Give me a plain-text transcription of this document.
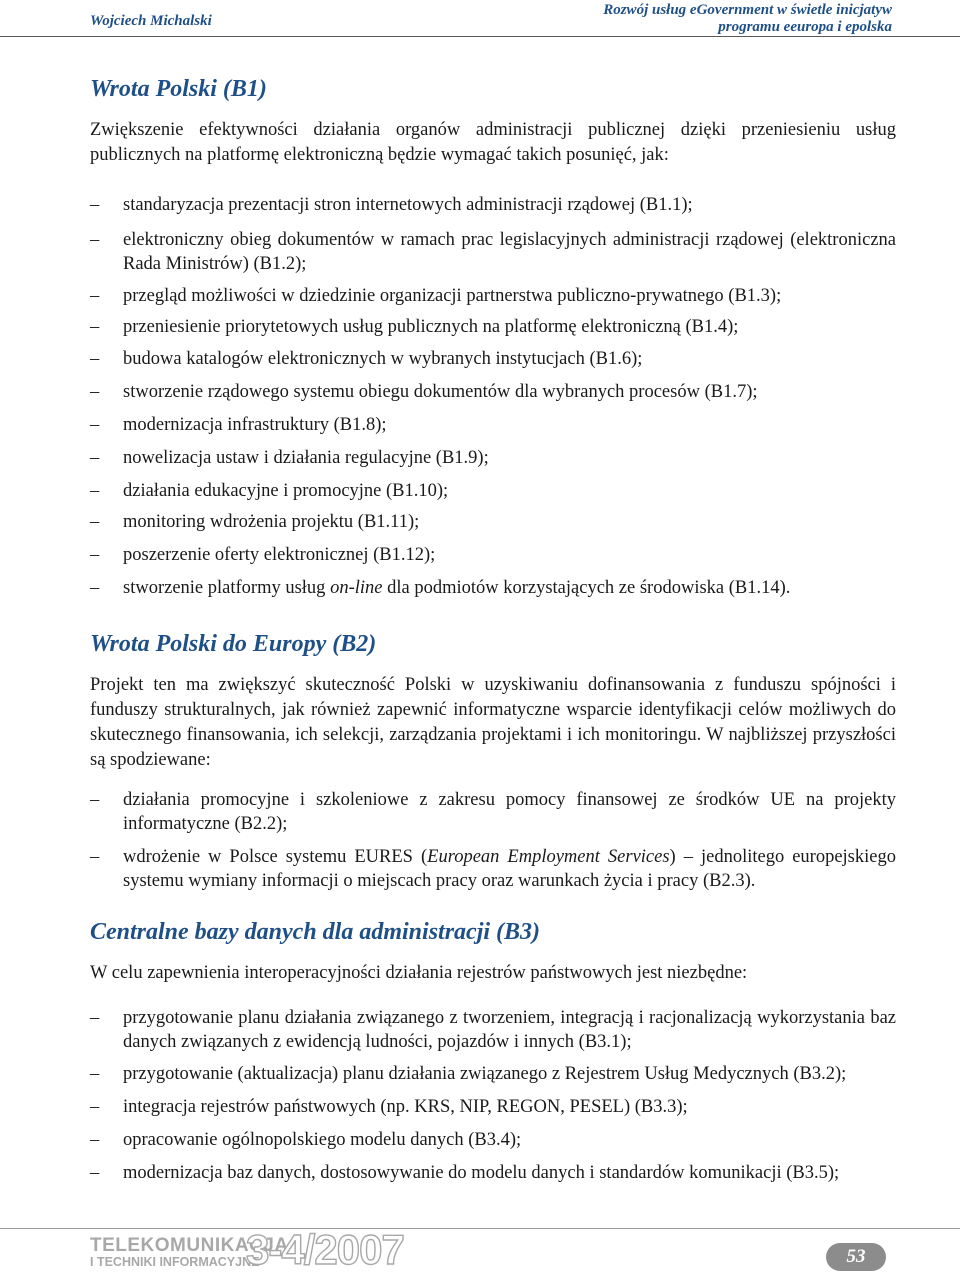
Wojciech Michalski
Rozwój usług eGovernment w świetle inicjatyw
programu eeuropa i epolska
Wrota Polski (B1)

Zwiększenie efektywności działania organów administracji publicznej dzięki przeniesieniu usług publicznych na platformę elektroniczną będzie wymagać takich posunięć, jak:

– standaryzacja prezentacji stron internetowych administracji rządowej (B1.1);
– elektroniczny obieg dokumentów w ramach prac legislacyjnych administracji rządowej (elektroniczna Rada Ministrów) (B1.2);
– przegląd możliwości w dziedzinie organizacji partnerstwa publiczno-prywatnego (B1.3);
– przeniesienie priorytetowych usług publicznych na platformę elektroniczną (B1.4);
– budowa katalogów elektronicznych w wybranych instytucjach (B1.6);
– stworzenie rządowego systemu obiegu dokumentów dla wybranych procesów (B1.7);
– modernizacja infrastruktury (B1.8);
– nowelizacja ustaw i działania regulacyjne (B1.9);
– działania edukacyjne i promocyjne (B1.10);
– monitoring wdrożenia projektu (B1.11);
– poszerzenie oferty elektronicznej (B1.12);
– stworzenie platformy usług on-line dla podmiotów korzystających ze środowiska (B1.14).
Wrota Polski do Europy (B2)

Projekt ten ma zwiększyć skuteczność Polski w uzyskiwaniu dofinansowania z funduszu spójności i funduszy strukturalnych, jak również zapewnić informatyczne wsparcie identyfikacji celów możliwych do skutecznego finansowania, ich selekcji, zarządzania projektami i ich monitoringu. W najbliższej przyszłości są spodziewane:

– działania promocyjne i szkoleniowe z zakresu pomocy finansowej ze środków UE na projekty informatyczne (B2.2);
– wdrożenie w Polsce systemu EURES (European Employment Services) – jednolitego europejskiego systemu wymiany informacji o miejscach pracy oraz warunkach życia i pracy (B2.3).
Centralne bazy danych dla administracji (B3)

W celu zapewnienia interoperacyjności działania rejestrów państwowych jest niezbędne:

– przygotowanie planu działania związanego z tworzeniem, integracją i racjonalizacją wykorzystania baz danych związanych z ewidencją ludności, pojazdów i innych (B3.1);
– przygotowanie (aktualizacja) planu działania związanego z Rejestrem Usług Medycznych (B3.2);
– integracja rejestrów państwowych (np. KRS, NIP, REGON, PESEL) (B3.3);
– opracowanie ogólnopolskiego modelu danych (B3.4);
– modernizacja baz danych, dostosowywanie do modelu danych i standardów komunikacji (B3.5);
TELEKOMUNIKACJA
I TECHNIKI INFORMACYJNE
3-4/2007	53
